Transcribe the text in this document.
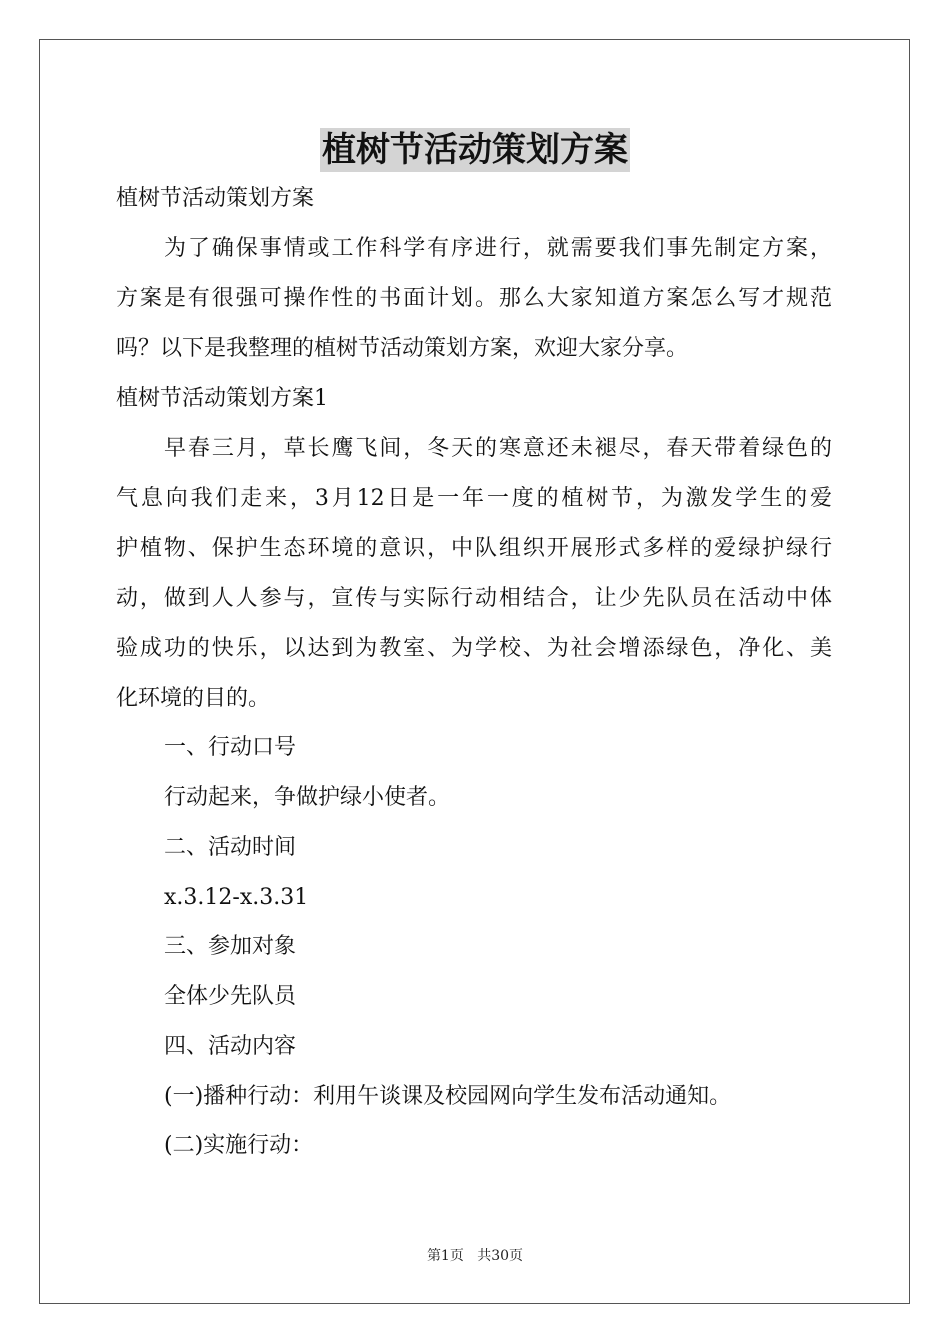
植树节活动策划方案
植树节活动策划方案
为了确保事情或工作科学有序进行，就需要我们事先制定方案，
方案是有很强可操作性的书面计划。那么大家知道方案怎么写才规范
吗？以下是我整理的植树节活动策划方案，欢迎大家分享。
植树节活动策划方案1
早春三月，草长鹰飞间，冬天的寒意还未褪尽，春天带着绿色的
气息向我们走来，3月12日是一年一度的植树节，为激发学生的爱
护植物、保护生态环境的意识，中队组织开展形式多样的爱绿护绿行
动，做到人人参与，宣传与实际行动相结合，让少先队员在活动中体
验成功的快乐，以达到为教室、为学校、为社会增添绿色，净化、美
化环境的目的。
一、行动口号
行动起来，争做护绿小使者。
二、活动时间
x.3.12-x.3.31
三、参加对象
全体少先队员
四、活动内容
(一)播种行动：利用午谈课及校园网向学生发布活动通知。
(二)实施行动：
第1页 共30页
